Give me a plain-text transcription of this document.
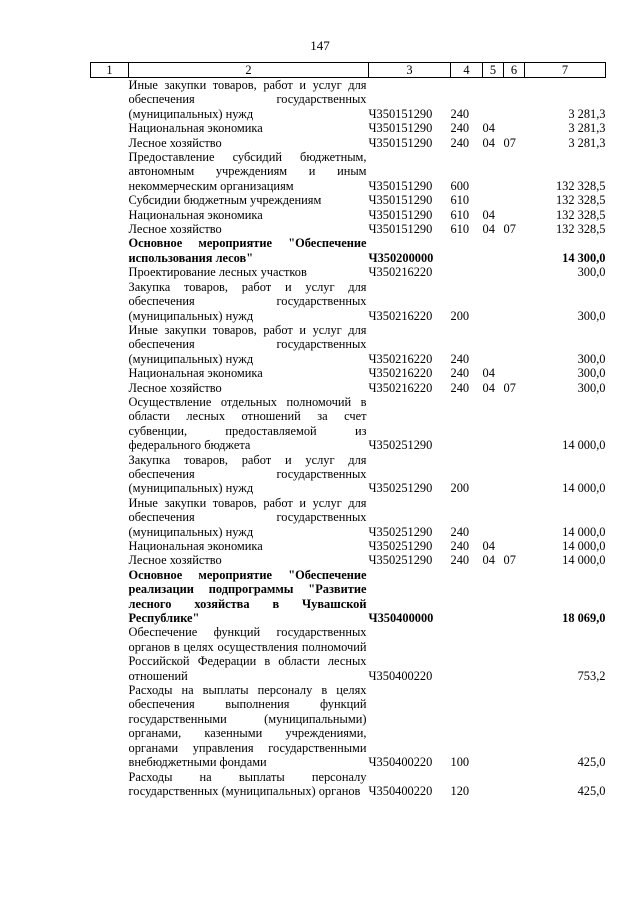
147
1	2	3	4	5	6	7
	Иные закупки товаров, работ и услуг для обеспечения государственных (муниципальных) нужд	Ч350151290	240			3 281,3
	Национальная экономика	Ч350151290	240	04		3 281,3
	Лесное хозяйство	Ч350151290	240	04	07	3 281,3
	Предоставление субсидий бюджетным, автономным учреждениям и иным некоммерческим организациям	Ч350151290	600			132 328,5
	Субсидии бюджетным учреждениям	Ч350151290	610			132 328,5
	Национальная экономика	Ч350151290	610	04		132 328,5
	Лесное хозяйство	Ч350151290	610	04	07	132 328,5
	Основное мероприятие "Обеспечение использования лесов"	Ч350200000				14 300,0
	Проектирование лесных участков	Ч350216220				300,0
	Закупка товаров, работ и услуг для обеспечения государственных (муниципальных) нужд	Ч350216220	200			300,0
	Иные закупки товаров, работ и услуг для обеспечения государственных (муниципальных) нужд	Ч350216220	240			300,0
	Национальная экономика	Ч350216220	240	04		300,0
	Лесное хозяйство	Ч350216220	240	04	07	300,0
	Осуществление отдельных полномочий в области лесных отношений за счет субвенции, предоставляемой из федерального бюджета	Ч350251290				14 000,0
	Закупка товаров, работ и услуг для обеспечения государственных (муниципальных) нужд	Ч350251290	200			14 000,0
	Иные закупки товаров, работ и услуг для обеспечения государственных (муниципальных) нужд	Ч350251290	240			14 000,0
	Национальная экономика	Ч350251290	240	04		14 000,0
	Лесное хозяйство	Ч350251290	240	04	07	14 000,0
	Основное мероприятие "Обеспечение реализации подпрограммы "Развитие лесного хозяйства в Чувашской Республике"	Ч350400000				18 069,0
	Обеспечение функций государственных органов в целях осуществления полномочий Российской Федерации в области лесных отношений	Ч350400220				753,2
	Расходы на выплаты персоналу в целях обеспечения выполнения функций государственными (муниципальными) органами, казенными учреждениями, органами управления государственными внебюджетными фондами	Ч350400220	100			425,0
	Расходы на выплаты персоналу государственных (муниципальных) органов	Ч350400220	120			425,0
